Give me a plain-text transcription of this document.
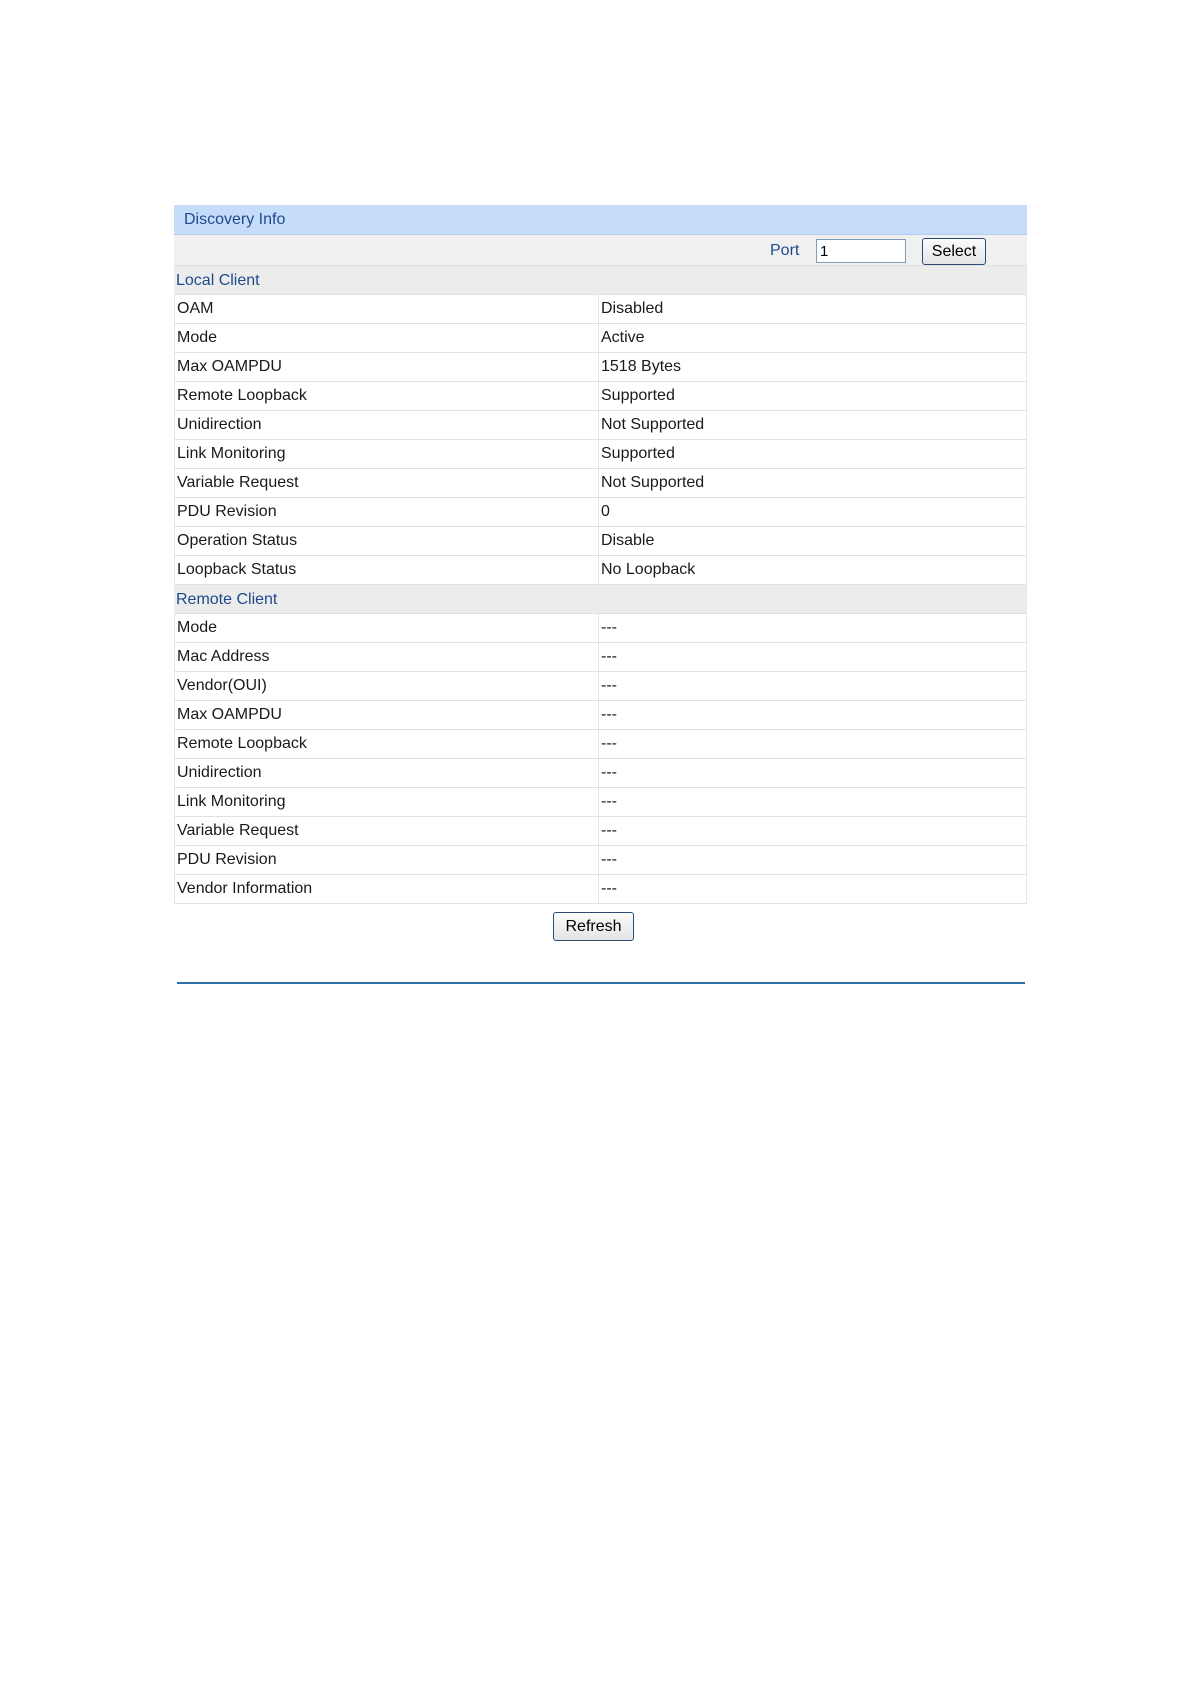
Discovery Info
Port
1	Select
Local Client
OAM	Disabled
Mode	Active
Max OAMPDU	1518 Bytes
Remote Loopback	Supported
Unidirection	Not Supported
Link Monitoring	Supported
Variable Request	Not Supported
PDU Revision	0
Operation Status	Disable
Loopback Status	No Loopback
Remote Client
Mode	---
Mac Address	---
Vendor(OUI)	---
Max OAMPDU	---
Remote Loopback	---
Unidirection	---
Link Monitoring	---
Variable Request	---
PDU Revision	---
Vendor Information	---
Refresh
